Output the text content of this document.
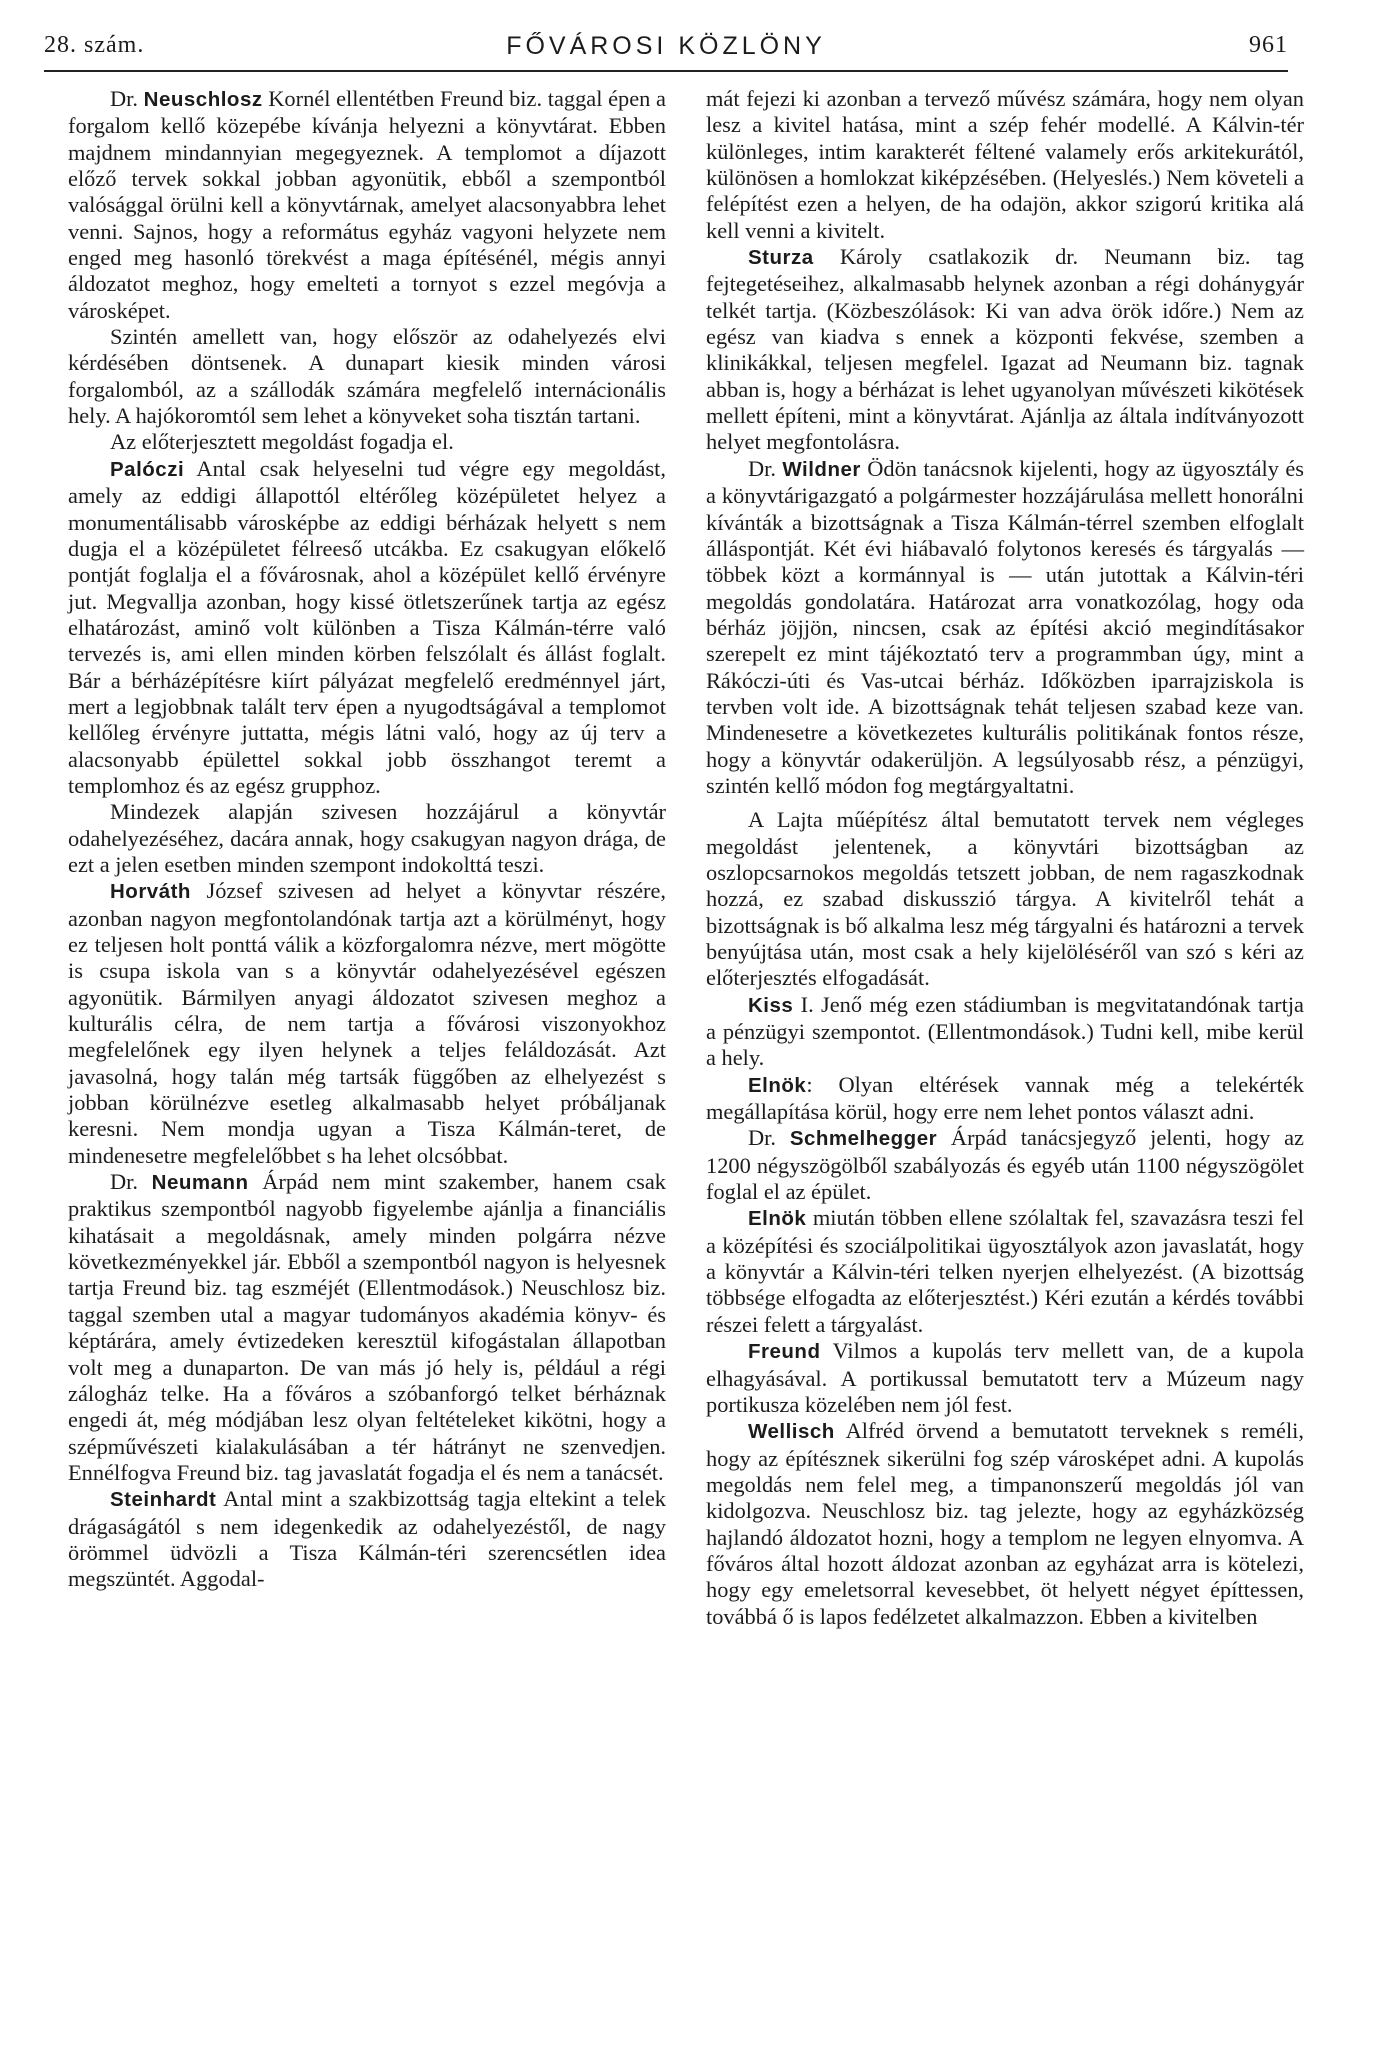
28. szám.	FŐVÁROSI KÖZLÖNY	961

Dr. Neuschlosz Kornél ellentétben Freund biz. taggal épen a forgalom kellő közepébe kívánja helyezni a könyvtárat. Ebben majdnem mindannyian megegyeznek. A templomot a díjazott előző tervek sokkal jobban agyonütik, ebből a szempontból valósággal örülni kell a könyvtárnak, amelyet alacsonyabbra lehet venni. Sajnos, hogy a református egyház vagyoni helyzete nem enged meg hasonló törekvést a maga építésénél, mégis annyi áldozatot meghoz, hogy emelteti a tornyot s ezzel megóvja a városképet.

Szintén amellett van, hogy először az odahelyezés elvi kérdésében döntsenek. A dunapart kiesik minden városi forgalomból, az a szállodák számára megfelelő internácionális hely. A hajókoromtól sem lehet a könyveket soha tisztán tartani.

Az előterjesztett megoldást fogadja el.

Palóczi Antal csak helyeselni tud végre egy megoldást, amely az eddigi állapottól eltérőleg középületet helyez a monumentálisabb városképbe az eddigi bérházak helyett s nem dugja el a középületet félreeső utcákba. Ez csakugyan előkelő pontját foglalja el a fővárosnak, ahol a középület kellő érvényre jut. Megvallja azonban, hogy kissé ötletszerűnek tartja az egész elhatározást, aminő volt különben a Tisza Kálmán-térre való tervezés is, ami ellen minden körben felszólalt és állást foglalt. Bár a bérházépítésre kiírt pályázat megfelelő eredménnyel járt, mert a legjobbnak talált terv épen a nyugodtságával a templomot kellőleg érvényre juttatta, mégis látni való, hogy az új terv a alacsonyabb épülettel sokkal jobb összhangot teremt a templomhoz és az egész grupphoz.

Mindezek alapján szivesen hozzájárul a könyvtár odahelyezéséhez, dacára annak, hogy csakugyan nagyon drága, de ezt a jelen esetben minden szempont indokolttá teszi.

Horváth József szivesen ad helyet a könyvtar részére, azonban nagyon megfontolandónak tartja azt a körülményt, hogy ez teljesen holt ponttá válik a közforgalomra nézve, mert mögötte is csupa iskola van s a könyvtár odahelyezésével egészen agyonütik. Bármilyen anyagi áldozatot szivesen meghoz a kulturális célra, de nem tartja a fővárosi viszonyokhoz megfelelőnek egy ilyen helynek a teljes feláldozását. Azt javasolná, hogy talán még tartsák függőben az elhelyezést s jobban körülnézve esetleg alkalmasabb helyet próbáljanak keresni. Nem mondja ugyan a Tisza Kálmán-teret, de mindenesetre megfelelőbbet s ha lehet olcsóbbat.

Dr. Neumann Árpád nem mint szakember, hanem csak praktikus szempontból nagyobb figyelembe ajánlja a financiális kihatásait a megoldásnak, amely minden polgárra nézve következményekkel jár. Ebből a szempontból nagyon is helyesnek tartja Freund biz. tag eszméjét (Ellentmodások.) Neuschlosz biz. taggal szemben utal a magyar tudományos akadémia könyv- és képtárára, amely évtizedeken keresztül kifogástalan állapotban volt meg a dunaparton. De van más jó hely is, például a régi zálogház telke. Ha a főváros a szóbanforgó telket bérháznak engedi át, még módjában lesz olyan feltételeket kikötni, hogy a szépművészeti kialakulásában a tér hátrányt ne szenvedjen. Ennélfogva Freund biz. tag javaslatát fogadja el és nem a tanácsét.

Steinhardt Antal mint a szakbizottság tagja eltekint a telek drágaságától s nem idegenkedik az odahelyezéstől, de nagy örömmel üdvözli a Tisza Kálmán-téri szerencsétlen idea megszüntét. Aggodal-

mát fejezi ki azonban a tervező művész számára, hogy nem olyan lesz a kivitel hatása, mint a szép fehér modellé. A Kálvin-tér különleges, intim karakterét féltené valamely erős arkitekurától, különösen a homlokzat kiképzésében. (Helyeslés.) Nem követeli a felépítést ezen a helyen, de ha odajön, akkor szigorú kritika alá kell venni a kivitelt.

Sturza Károly csatlakozik dr. Neumann biz. tag fejtegetéseihez, alkalmasabb helynek azonban a régi dohánygyár telkét tartja. (Közbeszólások: Ki van adva örök időre.) Nem az egész van kiadva s ennek a központi fekvése, szemben a klinikákkal, teljesen megfelel. Igazat ad Neumann biz. tagnak abban is, hogy a bérházat is lehet ugyanolyan művészeti kikötések mellett építeni, mint a könyvtárat. Ajánlja az általa indítványozott helyet megfontolásra.

Dr. Wildner Ödön tanácsnok kijelenti, hogy az ügyosztály és a könyvtárigazgató a polgármester hozzájárulása mellett honorálni kívánták a bizottságnak a Tisza Kálmán-térrel szemben elfoglalt álláspontját. Két évi hiábavaló folytonos keresés és tárgyalás — többek közt a kormánnyal is — után jutottak a Kálvin-téri megoldás gondolatára. Határozat arra vonatkozólag, hogy oda bérház jöjjön, nincsen, csak az építési akció megindításakor szerepelt ez mint tájékoztató terv a programmban úgy, mint a Rákóczi-úti és Vas-utcai bérház. Időközben iparrajziskola is tervben volt ide. A bizottságnak tehát teljesen szabad keze van. Mindenesetre a következetes kulturális politikának fontos része, hogy a könyvtár odakerüljön. A legsúlyosabb rész, a pénzügyi, szintén kellő módon fog megtárgyaltatni.

A Lajta műépítész által bemutatott tervek nem végleges megoldást jelentenek, a könyvtári bizottságban az oszlopcsarnokos megoldás tetszett jobban, de nem ragaszkodnak hozzá, ez szabad diskusszió tárgya. A kivitelről tehát a bizottságnak is bő alkalma lesz még tárgyalni és határozni a tervek benyújtása után, most csak a hely kijelöléséről van szó s kéri az előterjesztés elfogadását.

Kiss I. Jenő még ezen stádiumban is megvitatandónak tartja a pénzügyi szempontot. (Ellentmondások.) Tudni kell, mibe kerül a hely.

Elnök: Olyan eltérések vannak még a telekérték megállapítása körül, hogy erre nem lehet pontos választ adni.

Dr. Schmelhegger Árpád tanácsjegyző jelenti, hogy az 1200 négyszögölből szabályozás és egyéb után 1100 négyszögölet foglal el az épület.

Elnök miután többen ellene szólaltak fel, szavazásra teszi fel a középítési és szociálpolitikai ügyosztályok azon javaslatát, hogy a könyvtár a Kálvin-téri telken nyerjen elhelyezést. (A bizottság többsége elfogadta az előterjesztést.) Kéri ezután a kérdés további részei felett a tárgyalást.

Freund Vilmos a kupolás terv mellett van, de a kupola elhagyásával. A portikussal bemutatott terv a Múzeum nagy portikusza közelében nem jól fest.

Wellisch Alfréd örvend a bemutatott terveknek s reméli, hogy az építésznek sikerülni fog szép városképet adni. A kupolás megoldás nem felel meg, a timpanonszerű megoldás jól van kidolgozva. Neuschlosz biz. tag jelezte, hogy az egyházközség hajlandó áldozatot hozni, hogy a templom ne legyen elnyomva. A főváros által hozott áldozat azonban az egyházat arra is kötelezi, hogy egy emeletsorral kevesebbet, öt helyett négyet építtessen, továbbá ő is lapos fedélzetet alkalmazzon. Ebben a kivitelben
